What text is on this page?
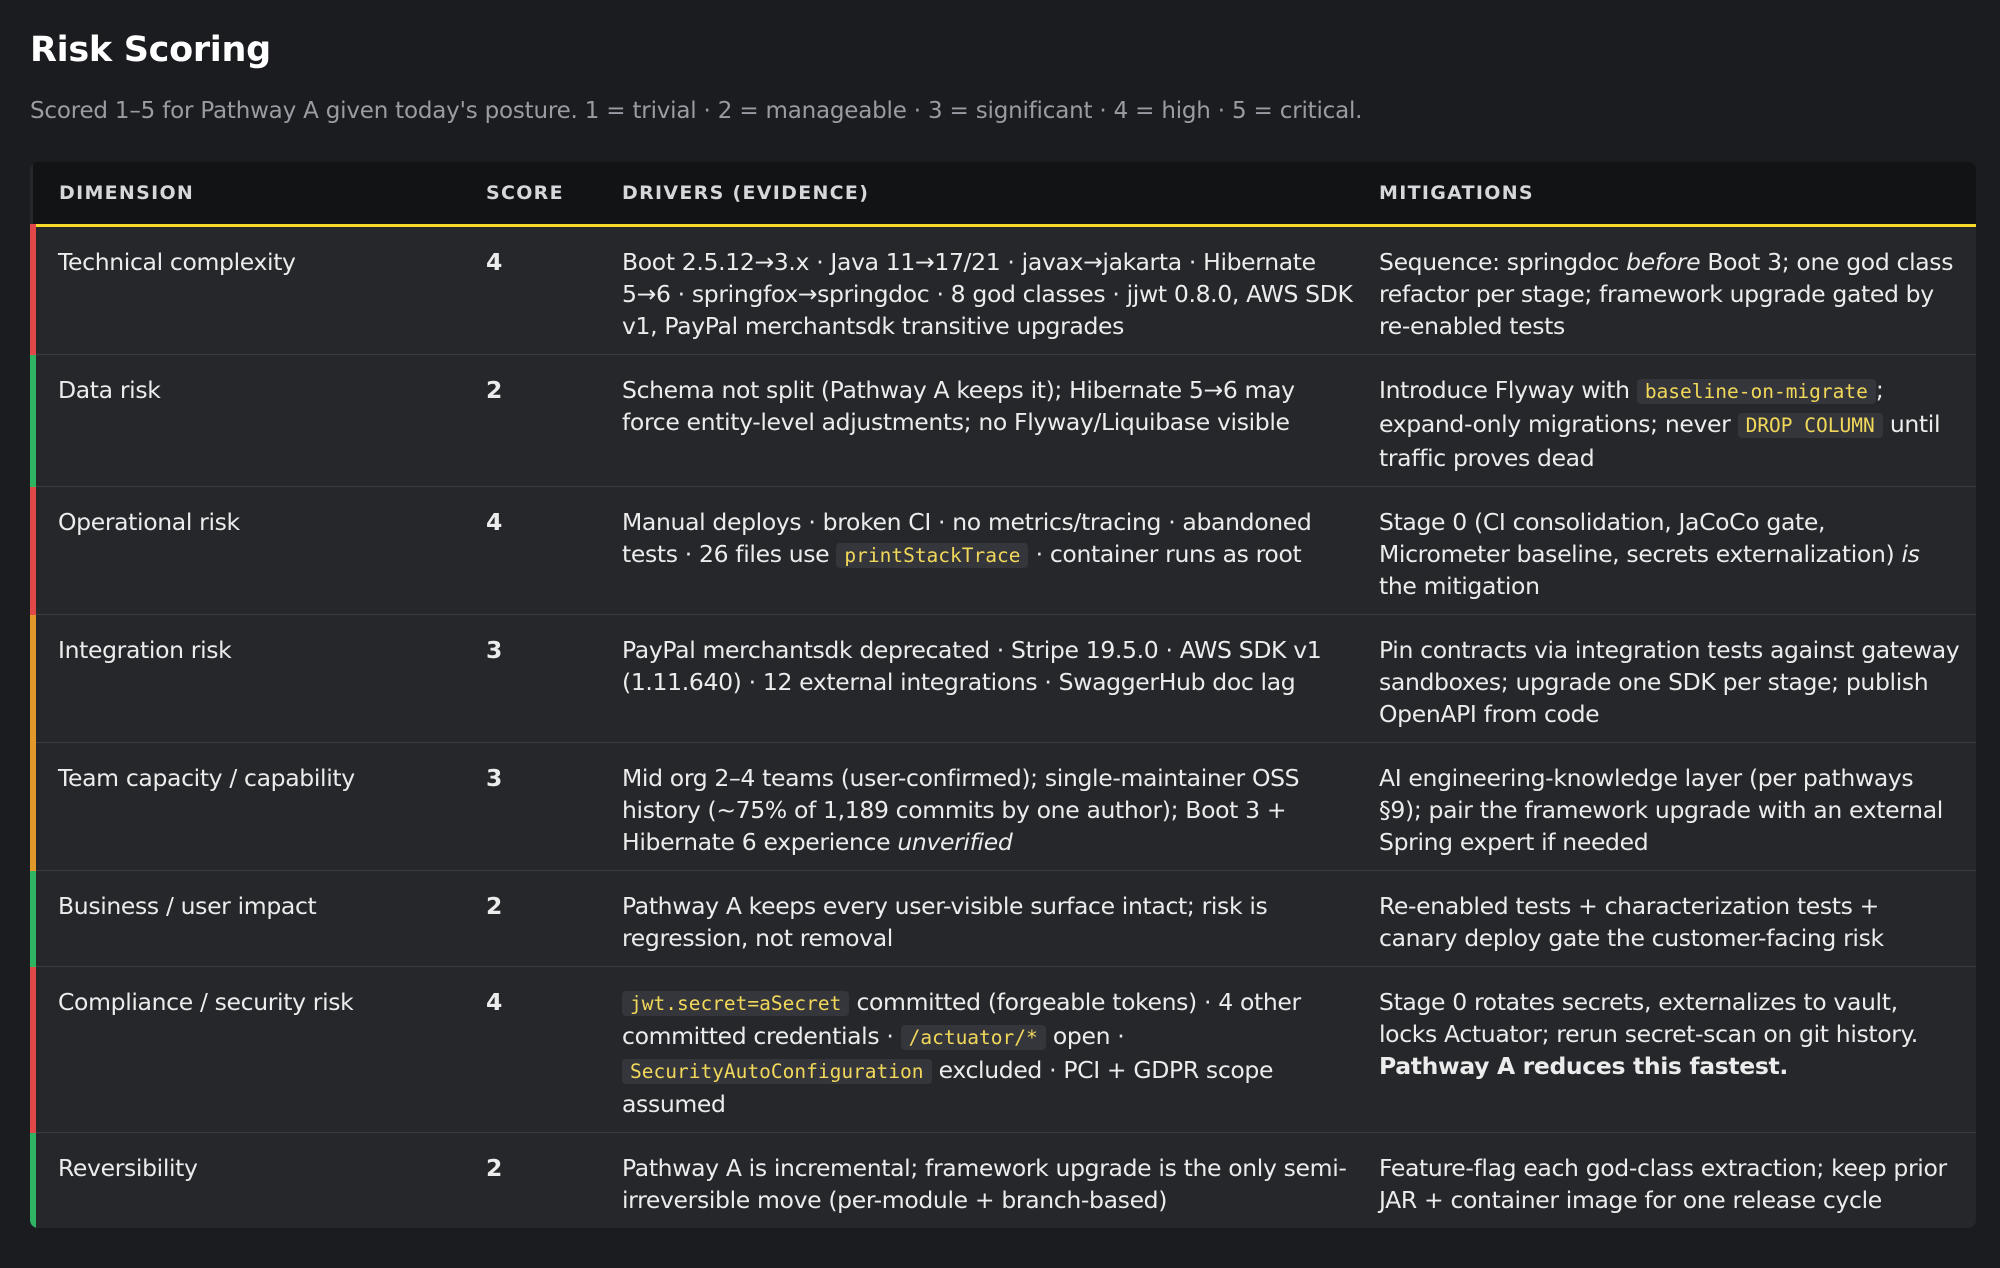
Risk Scoring
Scored 1–5 for Pathway A given today's posture. 1 = trivial · 2 = manageable · 3 = significant · 4 = high · 5 = critical.
DIMENSION	SCORE	DRIVERS (EVIDENCE)	MITIGATIONS
Technical complexity	4	Boot 2.5.12→3.x · Java 11→17/21 · javax→jakarta · Hibernate 5→6 · springfox→springdoc · 8 god classes · jjwt 0.8.0, AWS SDK v1, PayPal merchantsdk transitive upgrades	Sequence: springdoc before Boot 3; one god class refactor per stage; framework upgrade gated by re-enabled tests
Data risk	2	Schema not split (Pathway A keeps it); Hibernate 5→6 may force entity-level adjustments; no Flyway/Liquibase visible	Introduce Flyway with baseline-on-migrate ; expand-only migrations; never DROP COLUMN until traffic proves dead
Operational risk	4	Manual deploys · broken CI · no metrics/tracing · abandoned tests · 26 files use printStackTrace · container runs as root	Stage 0 (CI consolidation, JaCoCo gate, Micrometer baseline, secrets externalization) is the mitigation
Integration risk	3	PayPal merchantsdk deprecated · Stripe 19.5.0 · AWS SDK v1 (1.11.640) · 12 external integrations · SwaggerHub doc lag	Pin contracts via integration tests against gateway sandboxes; upgrade one SDK per stage; publish OpenAPI from code
Team capacity / capability	3	Mid org 2–4 teams (user-confirmed); single-maintainer OSS history (~75% of 1,189 commits by one author); Boot 3 + Hibernate 6 experience unverified	AI engineering-knowledge layer (per pathways §9); pair the framework upgrade with an external Spring expert if needed
Business / user impact	2	Pathway A keeps every user-visible surface intact; risk is regression, not removal	Re-enabled tests + characterization tests + canary deploy gate the customer-facing risk
Compliance / security risk	4	jwt.secret=aSecret committed (forgeable tokens) · 4 other committed credentials · /actuator/* open · SecurityAutoConfiguration excluded · PCI + GDPR scope assumed	Stage 0 rotates secrets, externalizes to vault, locks Actuator; rerun secret-scan on git history. Pathway A reduces this fastest.
Reversibility	2	Pathway A is incremental; framework upgrade is the only semi-irreversible move (per-module + branch-based)	Feature-flag each god-class extraction; keep prior JAR + container image for one release cycle
